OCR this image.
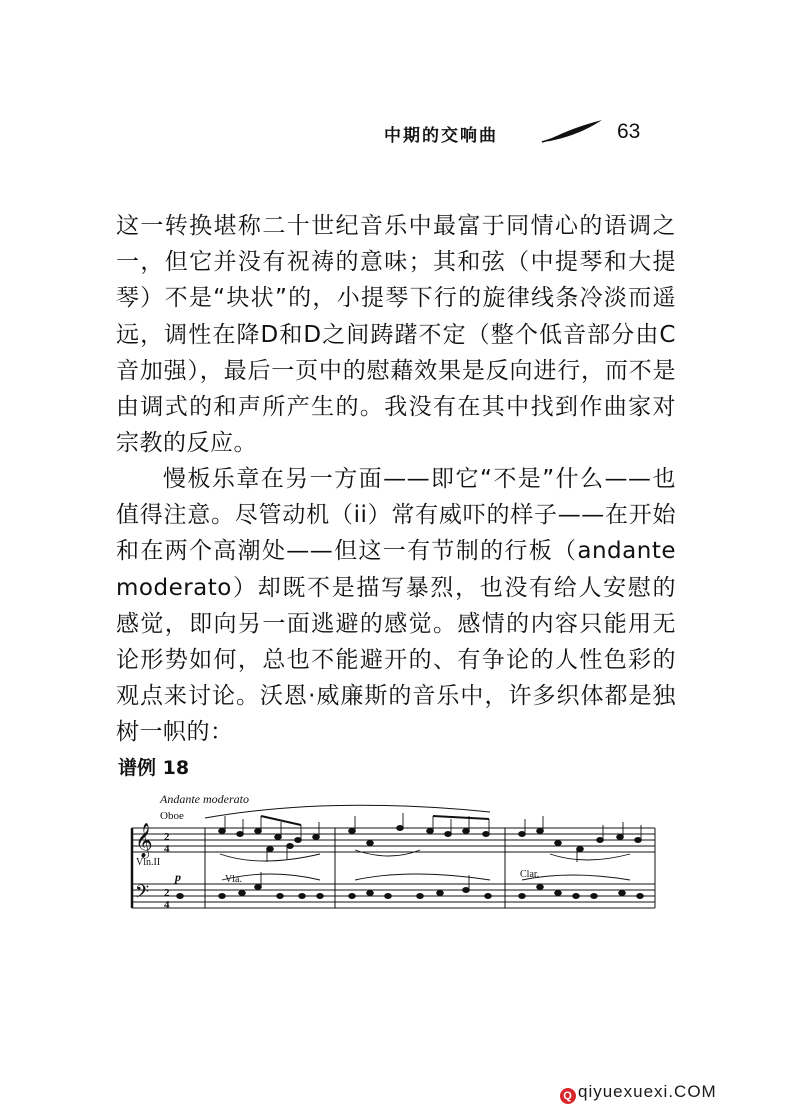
中期的交响曲	63

这一转换堪称二十世纪音乐中最富于同情心的语调之一，但它并没有祝祷的意味；其和弦（中提琴和大提琴）不是“块状”的，小提琴下行的旋律线条冷淡而遥远，调性在降D和D之间踌躇不定（整个低音部分由C音加强），最后一页中的慰藉效果是反向进行，而不是由调式的和声所产生的。我没有在其中找到作曲家对宗教的反应。

慢板乐章在另一方面——即它“不是”什么——也值得注意。尽管动机（ii）常有威吓的样子——在开始和在两个高潮处——但这一有节制的行板（andante moderato）却既不是描写暴烈，也没有给人安慰的感觉，即向另一面逃避的感觉。感情的内容只能用无论形势如何，总也不能避开的、有争论的人性色彩的观点来讨论。沃恩·威廉斯的音乐中，许多织体都是独树一帜的：

谱例 18
Andante moderato
Oboe
𝄞
𝄢
2
4
2
4
Vln.II
p	Vla.	Clar.
Q qiyuexuexi.COM
